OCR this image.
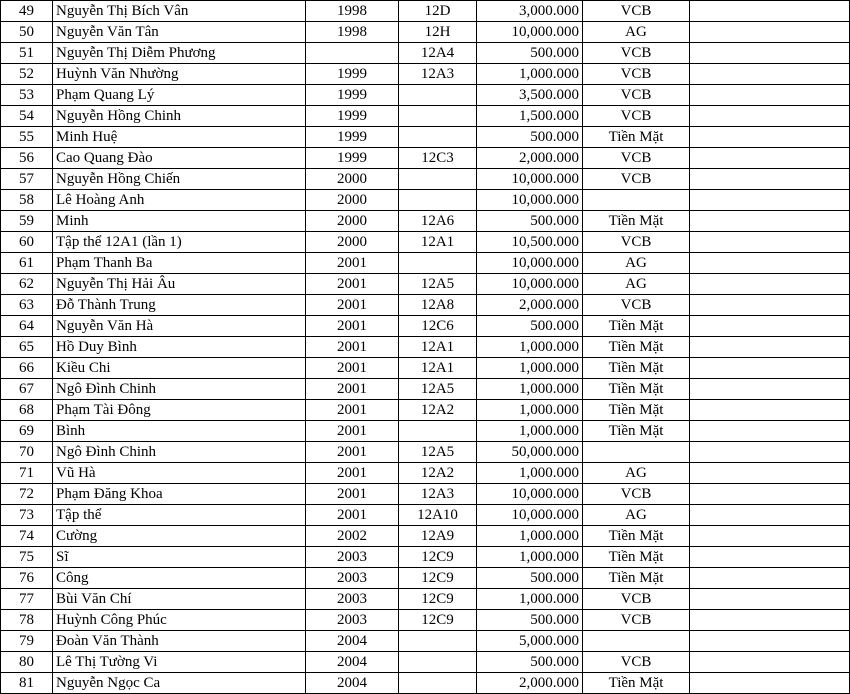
49	Nguyễn Thị Bích Vân	1998	12D	3,000.000	VCB	
50	Nguyễn Văn Tân	1998	12H	10,000.000	AG	
51	Nguyễn Thị Diễm Phương		12A4	500.000	VCB	
52	Huỳnh Văn Nhường	1999	12A3	1,000.000	VCB	
53	Phạm Quang Lý	1999		3,500.000	VCB	
54	Nguyễn Hồng Chinh	1999		1,500.000	VCB	
55	Minh Huệ	1999		500.000	Tiền Mặt	
56	Cao Quang Đào	1999	12C3	2,000.000	VCB	
57	Nguyễn Hồng Chiến	2000		10,000.000	VCB	
58	Lê Hoàng Anh	2000		10,000.000		
59	Minh	2000	12A6	500.000	Tiền Mặt	
60	Tập thể 12A1 (lần 1)	2000	12A1	10,500.000	VCB	
61	Phạm Thanh Ba	2001		10,000.000	AG	
62	Nguyễn Thị Hải Âu	2001	12A5	10,000.000	AG	
63	Đỗ Thành Trung	2001	12A8	2,000.000	VCB	
64	Nguyễn Văn Hà	2001	12C6	500.000	Tiền Mặt	
65	Hồ Duy Bình	2001	12A1	1,000.000	Tiền Mặt	
66	Kiều Chi	2001	12A1	1,000.000	Tiền Mặt	
67	Ngô Đình Chinh	2001	12A5	1,000.000	Tiền Mặt	
68	Phạm Tài Đông	2001	12A2	1,000.000	Tiền Mặt	
69	Bình	2001		1,000.000	Tiền Mặt	
70	Ngô Đình Chinh	2001	12A5	50,000.000		
71	Vũ Hà	2001	12A2	1,000.000	AG	
72	Phạm Đăng Khoa	2001	12A3	10,000.000	VCB	
73	Tập thể	2001	12A10	10,000.000	AG	
74	Cường	2002	12A9	1,000.000	Tiền Mặt	
75	Sĩ	2003	12C9	1,000.000	Tiền Mặt	
76	Công	2003	12C9	500.000	Tiền Mặt	
77	Bùi Văn Chí	2003	12C9	1,000.000	VCB	
78	Huỳnh Công Phúc	2003	12C9	500.000	VCB	
79	Đoàn Văn Thành	2004		5,000.000		
80	Lê Thị Tường Vi	2004		500.000	VCB	
81	Nguyễn Ngọc Ca	2004		2,000.000	Tiền Mặt	
